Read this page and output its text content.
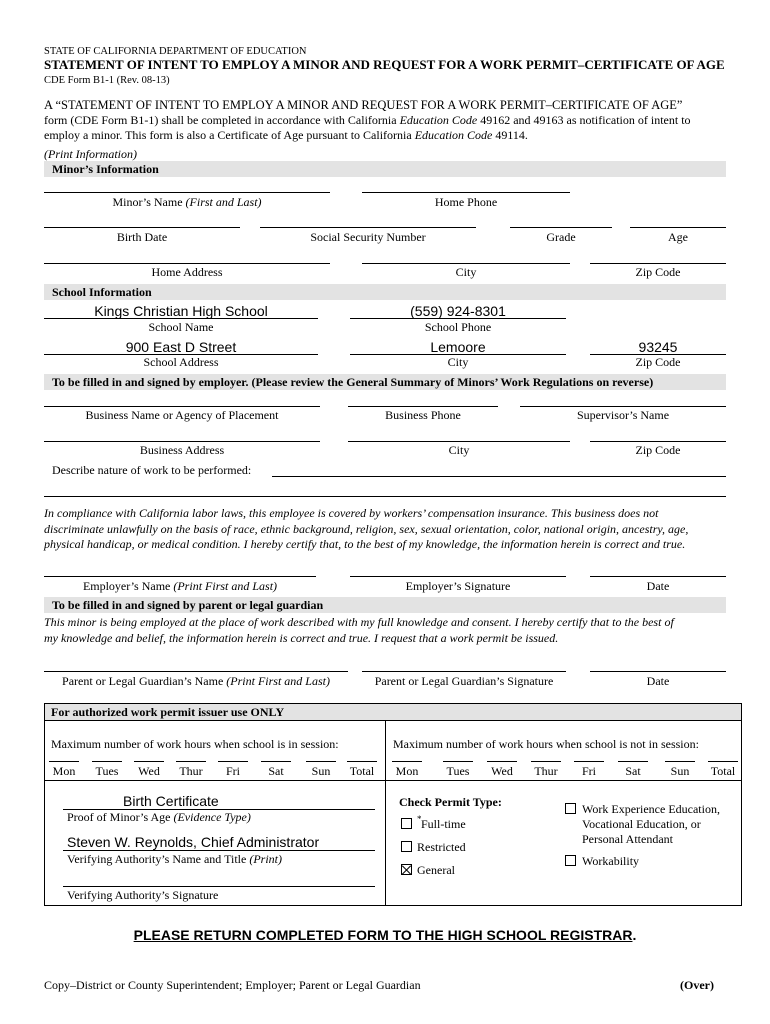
STATE OF CALIFORNIA DEPARTMENT OF EDUCATION
STATEMENT OF INTENT TO EMPLOY A MINOR AND REQUEST FOR A WORK PERMIT–CERTIFICATE OF AGE
CDE Form B1-1 (Rev. 08-13)
A “STATEMENT OF INTENT TO EMPLOY A MINOR AND REQUEST FOR A WORK PERMIT–CERTIFICATE OF AGE”
form (CDE Form B1-1) shall be completed in accordance with California Education Code 49162 and 49163 as notification of intent to
employ a minor. This form is also a Certificate of Age pursuant to California Education Code 49114.
(Print Information)
Minor’s Information
Minor’s Name (First and Last)	Home Phone
Birth Date	Social Security Number	Grade	Age
Home Address	City	Zip Code
School Information
Kings Christian High School	(559) 924-8301
School Name	School Phone
900 East D Street	Lemoore	93245
School Address	City	Zip Code
To be filled in and signed by employer. (Please review the General Summary of Minors’ Work Regulations on reverse)
Business Name or Agency of Placement	Business Phone	Supervisor’s Name
Business Address	City	Zip Code
Describe nature of work to be performed:
In compliance with California labor laws, this employee is covered by workers’ compensation insurance. This business does not
discriminate unlawfully on the basis of race, ethnic background, religion, sex, sexual orientation, color, national origin, ancestry, age,
physical handicap, or medical condition. I hereby certify that, to the best of my knowledge, the information herein is correct and true.
Employer’s Name (Print First and Last)	Employer’s Signature	Date
To be filled in and signed by parent or legal guardian
This minor is being employed at the place of work described with my full knowledge and consent. I hereby certify that to the best of
my knowledge and belief, the information herein is correct and true. I request that a work permit be issued.
Parent or Legal Guardian’s Name (Print First and Last)	Parent or Legal Guardian’s Signature	Date
For authorized work permit issuer use ONLY
Maximum number of work hours when school is in session:	Maximum number of work hours when school is not in session:
Mon	Tues	Wed	Thur	Fri	Sat	Sun	Total	Mon	Tues	Wed	Thur	Fri	Sat	Sun	Total
Birth Certificate
Proof of Minor’s Age (Evidence Type)
Steven W. Reynolds, Chief Administrator
Verifying Authority’s Name and Title (Print)
Verifying Authority’s Signature
Check Permit Type:
* Full-time
Restricted
General
Work Experience Education,
Vocational Education, or
Personal Attendant
Workability
PLEASE RETURN COMPLETED FORM TO THE HIGH SCHOOL REGISTRAR.
Copy–District or County Superintendent; Employer; Parent or Legal Guardian	(Over)
